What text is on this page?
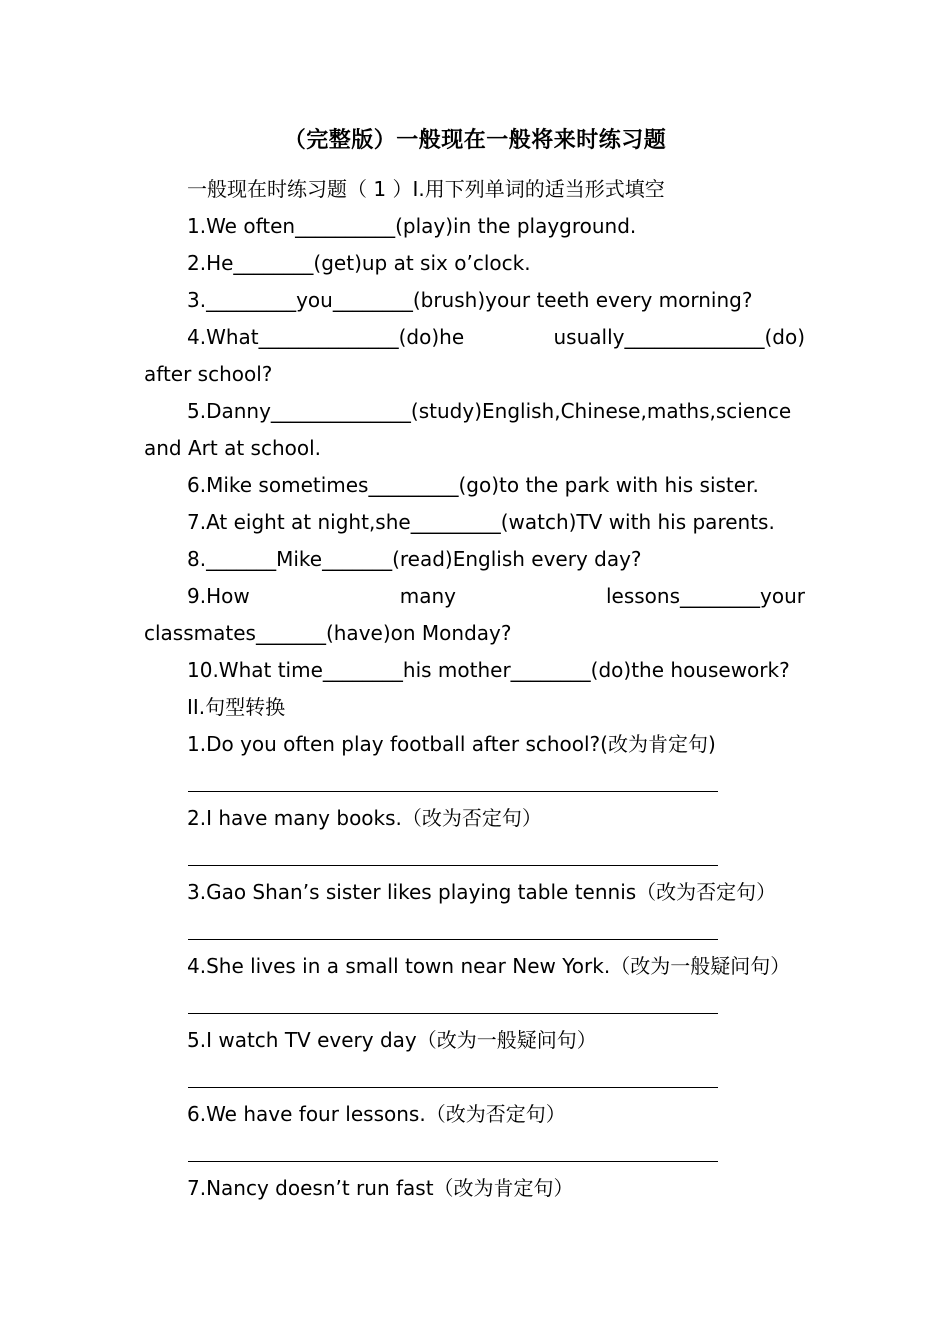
（完整版）一般现在一般将来时练习题

一般现在时练习题（ 1 ）I.用下列单词的适当形式填空

1.We often__________(play)in the playground.

2.He________(get)up at six o’clock.

3._________you________(brush)your teeth every morning?

4.What______________(do)he	usually______________(do)

after school?

5.Danny______________(study)English,Chinese,maths,science

and Art at school.

6.Mike sometimes_________(go)to the park with his sister.

7.At eight at night,she_________(watch)TV with his parents.

8._______Mike_______(read)English every day?

9.How	many	lessons________your

classmates_______(have)on Monday?

10.What time________his mother________(do)the housework?

II.句型转换

1.Do you often play football after school?(改为肯定句)

2.I have many books.（改为否定句）

3.Gao Shan’s sister likes playing table tennis（改为否定句）

4.She lives in a small town near New York.（改为一般疑问句）

5.I watch TV every day（改为一般疑问句）

6.We have four lessons.（改为否定句）

7.Nancy doesn’t run fast（改为肯定句）
